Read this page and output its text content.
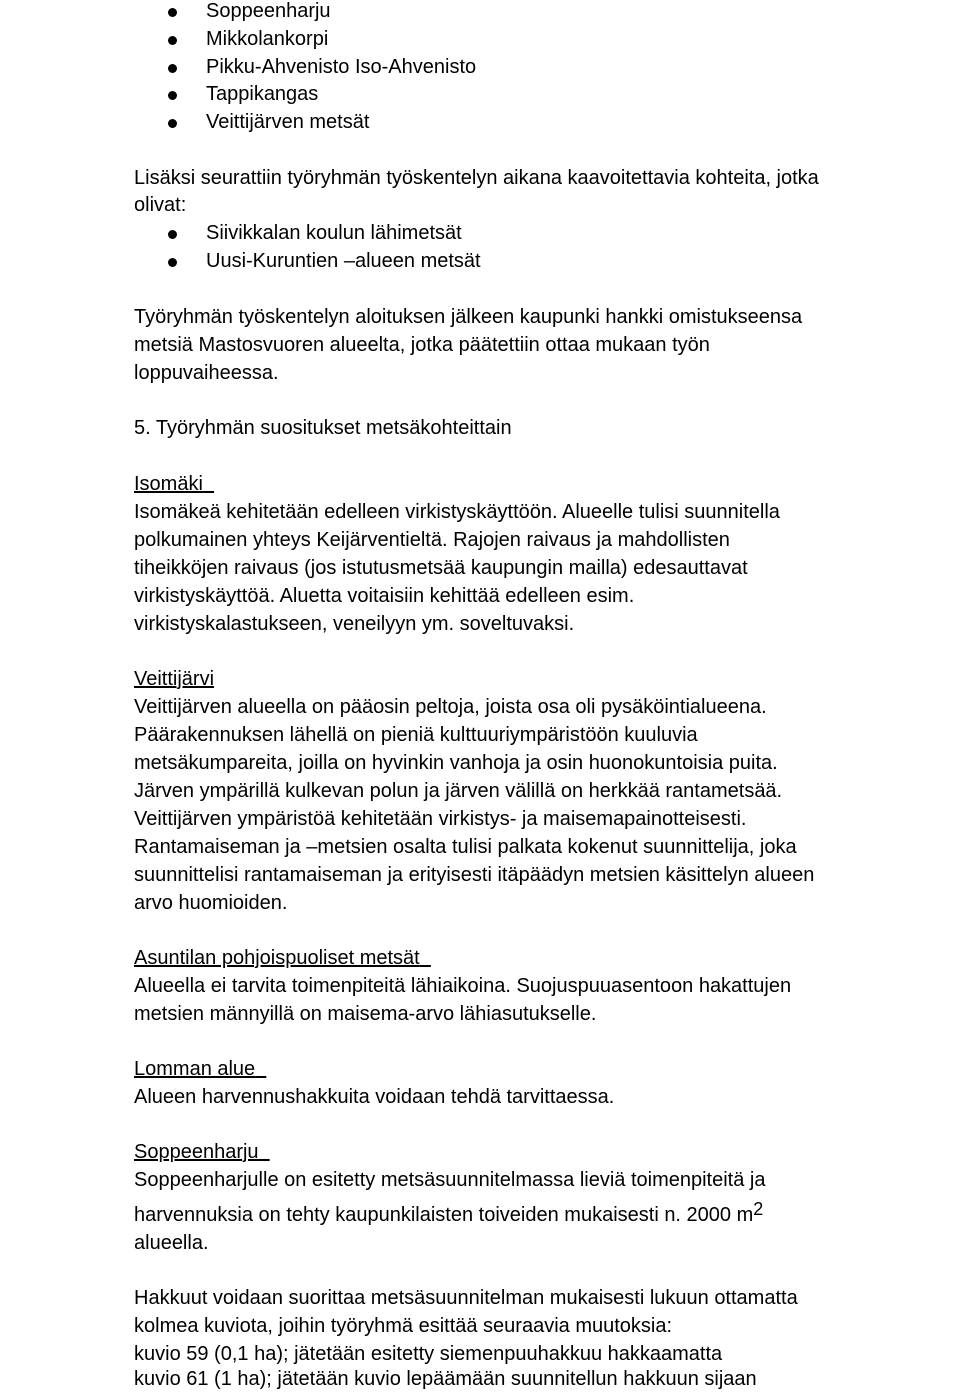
Soppeenharju
Mikkolankorpi
Pikku-Ahvenisto Iso-Ahvenisto
Tappikangas
Veittijärven metsät
Lisäksi seurattiin työryhmän työskentelyn aikana kaavoitettavia kohteita, jotka
olivat:
Siivikkalan koulun lähimetsät
Uusi-Kuruntien –alueen metsät
Työryhmän työskentelyn aloituksen jälkeen kaupunki hankki omistukseensa
metsiä Mastosvuoren alueelta, jotka päätettiin ottaa mukaan työn
loppuvaiheessa.
5. Työryhmän suositukset metsäkohteittain
Isomäki
Isomäkeä kehitetään edelleen virkistyskäyttöön. Alueelle tulisi suunnitella
polkumainen yhteys Keijärventieltä. Rajojen raivaus ja mahdollisten
tiheikköjen raivaus (jos istutusmetsää kaupungin mailla) edesauttavat
virkistyskäyttöä. Aluetta voitaisiin kehittää edelleen esim.
virkistyskalastukseen, veneilyyn ym. soveltuvaksi.
Veittijärvi
Veittijärven alueella on pääosin peltoja, joista osa oli pysäköintialueena.
Päärakennuksen lähellä on pieniä kulttuuriympäristöön kuuluvia
metsäkumpareita, joilla on hyvinkin vanhoja ja osin huonokuntoisia puita.
Järven ympärillä kulkevan polun ja järven välillä on herkkää rantametsää.
Veittijärven ympäristöä kehitetään virkistys- ja maisemapainotteisesti.
Rantamaiseman ja –metsien osalta tulisi palkata kokenut suunnittelija, joka
suunnittelisi rantamaiseman ja erityisesti itäpäädyn metsien käsittelyn alueen
arvo huomioiden.
Asuntilan pohjoispuoliset metsät
Alueella ei tarvita toimenpiteitä lähiaikoina. Suojuspuuasentoon hakattujen
metsien männyillä on maisema-arvo lähiasutukselle.
Lomman alue
Alueen harvennushakkuita voidaan tehdä tarvittaessa.
Soppeenharju
Soppeenharjulle on esitetty metsäsuunnitelmassa lieviä toimenpiteitä ja
harvennuksia on tehty kaupunkilaisten toiveiden mukaisesti n. 2000 $m^2$
alueella.
Hakkuut voidaan suorittaa metsäsuunnitelman mukaisesti lukuun ottamatta
kolmea kuviota, joihin työryhmä esittää seuraavia muutoksia:
kuvio 59 (0,1 ha); jätetään esitetty siemenpuuhakkuu hakkaamatta
kuvio 61 (1 ha); jätetään kuvio lepäämään suunnitellun hakkuun sijaan
